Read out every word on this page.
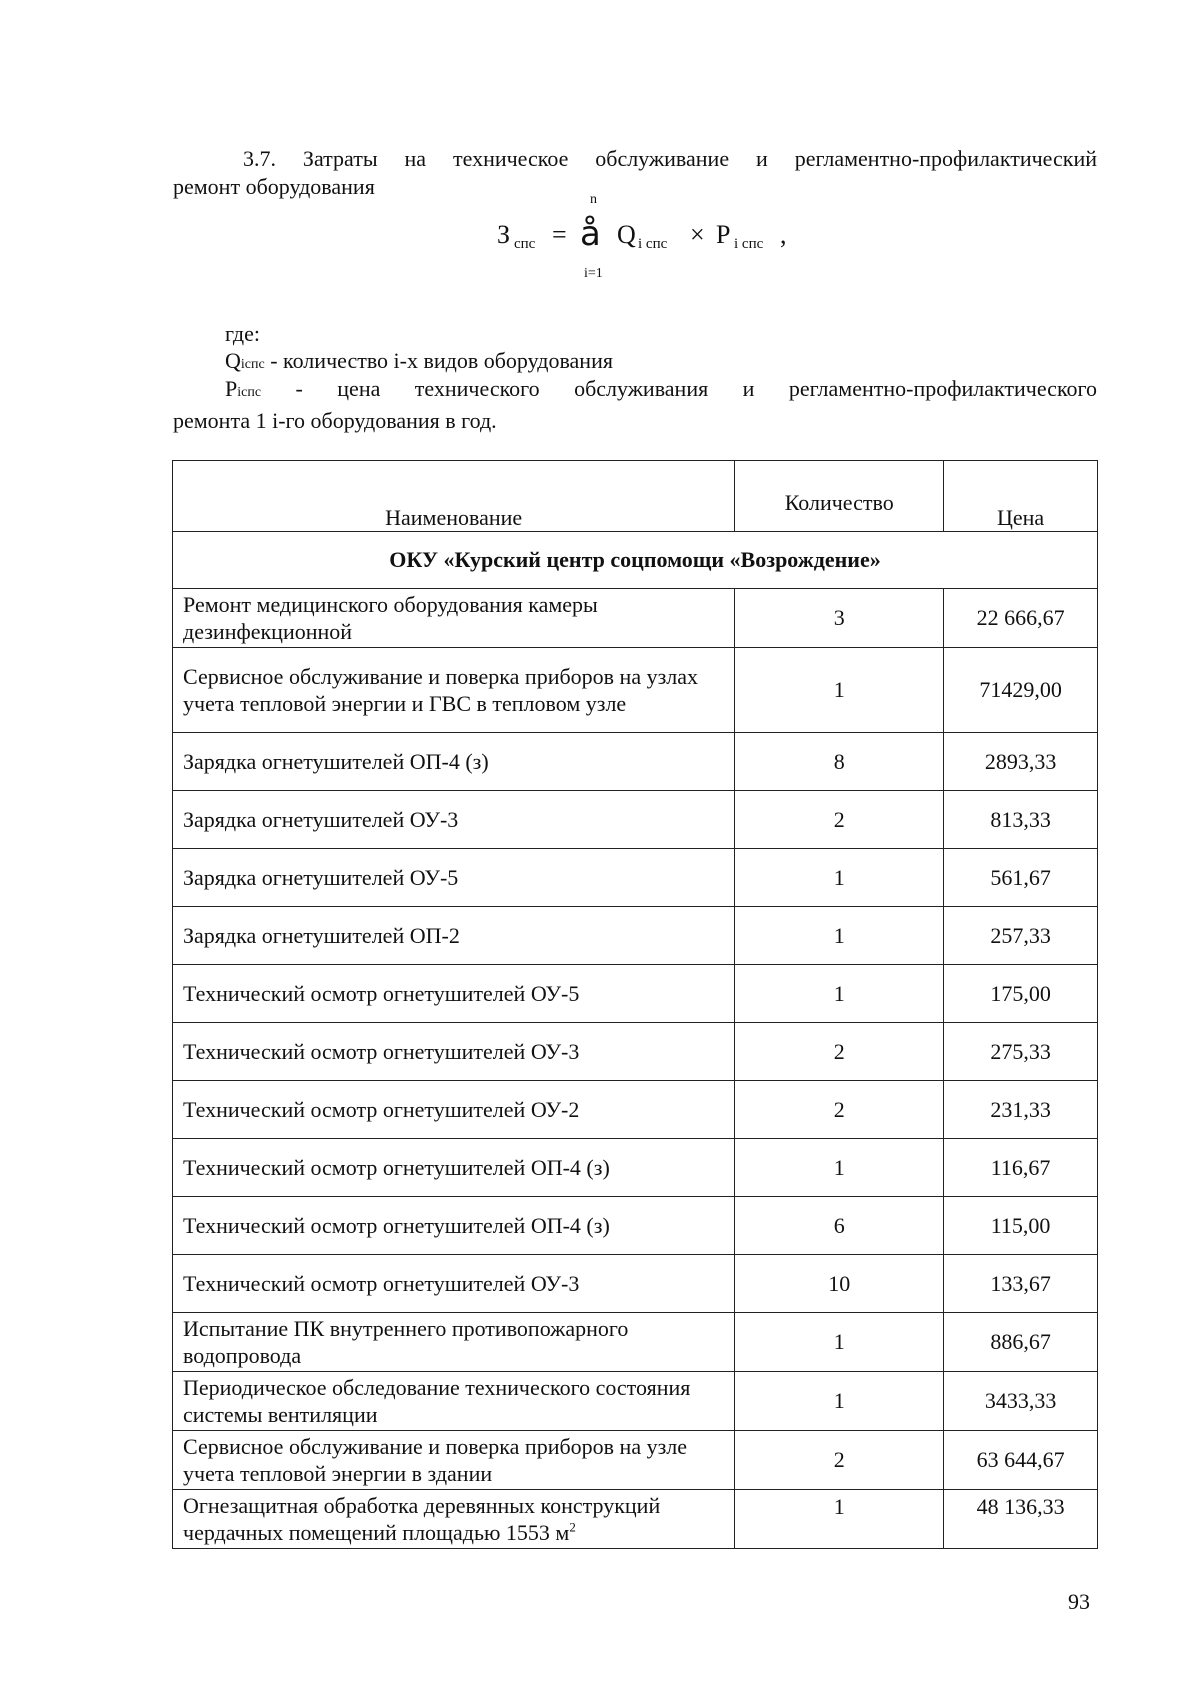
3.7. Затраты на техническое обслуживание и регламентно-профилактический
ремонт оборудования
З спс =
n
å
i=1
Q i спс × P i спс ,
где:
Qiспс - количество i-х видов оборудования
Piспс - цена технического обслуживания и регламентно-профилактического
ремонта 1 i-го оборудования в год.
Наименование	Количество	Цена
ОКУ «Курский центр соцпомощи «Возрождение»		
Ремонт медицинского оборудования камеры дезинфекционной	3	22 666,67
Сервисное обслуживание и поверка приборов на узлах учета тепловой энергии и ГВС в тепловом узле	1	71429,00
Зарядка огнетушителей ОП-4 (з)	8	2893,33
Зарядка огнетушителей ОУ-3	2	813,33
Зарядка огнетушителей ОУ-5	1	561,67
Зарядка огнетушителей ОП-2	1	257,33
Технический осмотр огнетушителей ОУ-5	1	175,00
Технический осмотр огнетушителей ОУ-3	2	275,33
Технический осмотр огнетушителей ОУ-2	2	231,33
Технический осмотр огнетушителей ОП-4 (з)	1	116,67
Технический осмотр огнетушителей ОП-4 (з)	6	115,00
Технический осмотр огнетушителей ОУ-3	10	133,67
Испытание ПК внутреннего противопожарного водопровода	1	886,67
Периодическое обследование технического состояния системы вентиляции	1	3433,33
Сервисное обслуживание и поверка приборов на узле учета тепловой энергии в здании	2	63 644,67
Огнезащитная обработка деревянных конструкций чердачных помещений площадью 1553 $м^2$	1	48 136,33
93
